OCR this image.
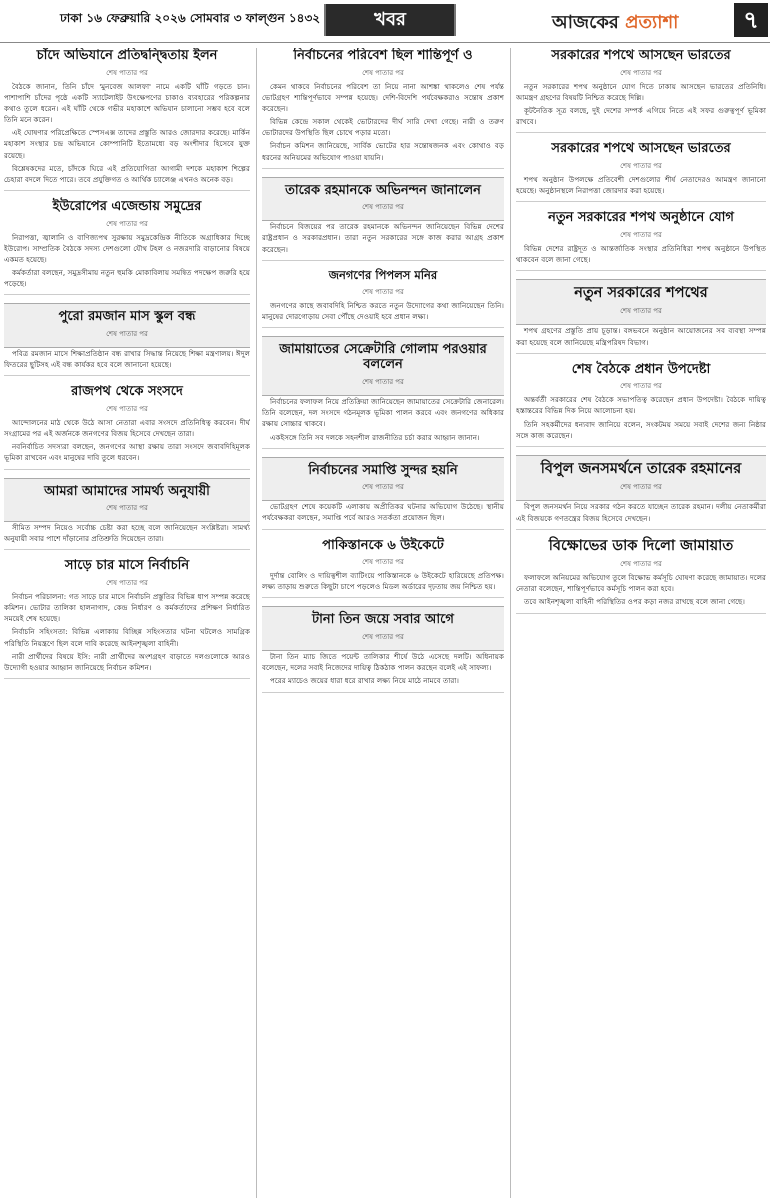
ঢাকা ১৬ ফেব্রুয়ারি ২০২৬ সোমবার ৩ ফাল্গুন ১৪৩২	খবর	আজকের প্রত্যাশা	৭
চাঁদে অভিযানে প্রতিদ্বন্দ্বিতায় ইলন
শেষ পাতার পর

বৈঠকে জানান, তিনি চাঁদে 'মুনবেজ আলফা' নামে একটি ঘাঁটি গড়তে চান। পাশাপাশি চাঁদের পৃষ্ঠে একটি স্যাটেলাইট উৎক্ষেপণের চাকাও ব্যবহারের পরিকল্পনার কথাও তুলে ধরেন। এই ঘাঁটি থেকে গভীর মহাকাশে অভিযান চালানো সম্ভব হবে বলে তিনি মনে করেন।

এই ঘোষণার পরিপ্রেক্ষিতে স্পেসএক্স তাদের প্রস্তুতি আরও জোরদার করেছে। মার্কিন মহাকাশ সংস্থার চন্দ্র অভিযানে কোম্পানিটি ইতোমধ্যে বড় অংশীদার হিসেবে যুক্ত রয়েছে।

বিশ্লেষকদের মতে, চাঁদকে ঘিরে এই প্রতিযোগিতা আগামী দশকে মহাকাশ শিল্পের চেহারা বদলে দিতে পারে। তবে প্রযুক্তিগত ও আর্থিক চ্যালেঞ্জ এখনও অনেক বড়।

ইউরোপের এজেন্ডায় সমুদ্রের
শেষ পাতার পর

নিরাপত্তা, জ্বালানি ও বাণিজ্যপথ সুরক্ষায় সমুদ্রকেন্দ্রিক নীতিকে অগ্রাধিকার দিচ্ছে ইউরোপ। সাম্প্রতিক বৈঠকে সদস্য দেশগুলো যৌথ টহল ও নজরদারি বাড়ানোর বিষয়ে একমত হয়েছে।

কর্মকর্তারা বলছেন, সমুদ্রসীমায় নতুন হুমকি মোকাবিলায় সমন্বিত পদক্ষেপ জরুরি হয়ে পড়েছে।

পুরো রমজান মাস স্কুল বন্ধ
শেষ পাতার পর

পবিত্র রমজান মাসে শিক্ষাপ্রতিষ্ঠান বন্ধ রাখার সিদ্ধান্ত নিয়েছে শিক্ষা মন্ত্রণালয়। ঈদুল ফিতরের ছুটিসহ এই বন্ধ কার্যকর হবে বলে জানানো হয়েছে।

রাজপথ থেকে সংসদে
শেষ পাতার পর

আন্দোলনের মাঠ থেকে উঠে আসা নেতারা এবার সংসদে প্রতিনিধিত্ব করবেন। দীর্ঘ সংগ্রামের পর এই অর্জনকে জনগণের বিজয় হিসেবে দেখছেন তারা।

নবনির্বাচিত সদস্যরা বলছেন, জনগণের আস্থা রক্ষায় তারা সংসদে জবাবদিহিমূলক ভূমিকা রাখবেন এবং মানুষের দাবি তুলে ধরবেন।

আমরা আমাদের সামর্থ্য অনুযায়ী
শেষ পাতার পর

সীমিত সম্পদ নিয়েও সর্বোচ্চ চেষ্টা করা হচ্ছে বলে জানিয়েছেন সংশ্লিষ্টরা। সামর্থ্য অনুযায়ী সবার পাশে দাঁড়ানোর প্রতিশ্রুতি দিয়েছেন তারা।

সাড়ে চার মাসে নির্বাচনি
শেষ পাতার পর

নির্বাচন পরিচালনা: গত সাড়ে চার মাসে নির্বাচনি প্রস্তুতির বিভিন্ন ধাপ সম্পন্ন করেছে কমিশন। ভোটার তালিকা হালনাগাদ, কেন্দ্র নির্ধারণ ও কর্মকর্তাদের প্রশিক্ষণ নির্ধারিত সময়েই শেষ হয়েছে।

নির্বাচনি সহিংসতা: বিভিন্ন এলাকায় বিচ্ছিন্ন সহিংসতার ঘটনা ঘটলেও সামগ্রিক পরিস্থিতি নিয়ন্ত্রণে ছিল বলে দাবি করেছে আইনশৃঙ্খলা বাহিনী।

নারী প্রার্থীদের বিষয়ে ইসি: নারী প্রার্থীদের অংশগ্রহণ বাড়াতে দলগুলোকে আরও উদ্যোগী হওয়ার আহ্বান জানিয়েছে নির্বাচন কমিশন।

নির্বাচনের পরিবেশ ছিল শান্তিপূর্ণ ও
শেষ পাতার পর

কেমন থাকবে নির্বাচনের পরিবেশ তা নিয়ে নানা আশঙ্কা থাকলেও শেষ পর্যন্ত ভোটগ্রহণ শান্তিপূর্ণভাবে সম্পন্ন হয়েছে। দেশি-বিদেশি পর্যবেক্ষকরাও সন্তোষ প্রকাশ করেছেন।

বিভিন্ন কেন্দ্রে সকাল থেকেই ভোটারদের দীর্ঘ সারি দেখা গেছে। নারী ও তরুণ ভোটারদের উপস্থিতি ছিল চোখে পড়ার মতো।

নির্বাচন কমিশন জানিয়েছে, সার্বিক ভোটের হার সন্তোষজনক এবং কোথাও বড় ধরনের অনিয়মের অভিযোগ পাওয়া যায়নি।

তারেক রহমানকে অভিনন্দন জানালেন
শেষ পাতার পর

নির্বাচনে বিজয়ের পর তারেক রহমানকে অভিনন্দন জানিয়েছেন বিভিন্ন দেশের রাষ্ট্রপ্রধান ও সরকারপ্রধান। তারা নতুন সরকারের সঙ্গে কাজ করার আগ্রহ প্রকাশ করেছেন।

জনগণের পিপলস মনির
শেষ পাতার পর

জনগণের কাছে জবাবদিহি নিশ্চিত করতে নতুন উদ্যোগের কথা জানিয়েছেন তিনি। মানুষের দোরগোড়ায় সেবা পৌঁছে দেওয়াই হবে প্রধান লক্ষ্য।

জামায়াতের সেক্রেটারি গোলাম পরওয়ার বললেন
শেষ পাতার পর

নির্বাচনের ফলাফল নিয়ে প্রতিক্রিয়া জানিয়েছেন জামায়াতের সেক্রেটারি জেনারেল। তিনি বলেছেন, দল সংসদে গঠনমূলক ভূমিকা পালন করবে এবং জনগণের অধিকার রক্ষায় সোচ্চার থাকবে।

একইসঙ্গে তিনি সব দলকে সহনশীল রাজনীতির চর্চা করার আহ্বান জানান।

নির্বাচনের সমাপ্তি সুন্দর হয়নি
শেষ পাতার পর

ভোটগ্রহণ শেষে কয়েকটি এলাকায় অপ্রীতিকর ঘটনার অভিযোগ উঠেছে। স্থানীয় পর্যবেক্ষকরা বলছেন, সমাপ্তি পর্বে আরও সতর্কতা প্রয়োজন ছিল।

পাকিস্তানকে ৬ উইকেটে
শেষ পাতার পর

দুর্দান্ত বোলিং ও দায়িত্বশীল ব্যাটিংয়ে পাকিস্তানকে ৬ উইকেটে হারিয়েছে প্রতিপক্ষ। লক্ষ্য তাড়ায় শুরুতে কিছুটা চাপে পড়লেও মিডল অর্ডারের দৃঢ়তায় জয় নিশ্চিত হয়।

টানা তিন জয়ে সবার আগে
শেষ পাতার পর

টানা তিন ম্যাচ জিতে পয়েন্ট তালিকার শীর্ষে উঠে এসেছে দলটি। অধিনায়ক বলেছেন, দলের সবাই নিজেদের দায়িত্ব ঠিকঠাক পালন করছেন বলেই এই সাফল্য।

পরের ম্যাচেও জয়ের ধারা ধরে রাখার লক্ষ্য নিয়ে মাঠে নামবে তারা।

সরকারের শপথে আসছেন ভারতের
শেষ পাতার পর

নতুন সরকারের শপথ অনুষ্ঠানে যোগ দিতে ঢাকায় আসছেন ভারতের প্রতিনিধি। আমন্ত্রণ গ্রহণের বিষয়টি নিশ্চিত করেছে দিল্লি।

কূটনৈতিক সূত্র বলছে, দুই দেশের সম্পর্ক এগিয়ে নিতে এই সফর গুরুত্বপূর্ণ ভূমিকা রাখবে।

সরকারের শপথে আসছেন ভারতের
শেষ পাতার পর

শপথ অনুষ্ঠান উপলক্ষে প্রতিবেশী দেশগুলোর শীর্ষ নেতাদেরও আমন্ত্রণ জানানো হয়েছে। অনুষ্ঠানস্থলে নিরাপত্তা জোরদার করা হয়েছে।

নতুন সরকারের শপথ অনুষ্ঠানে যোগ
শেষ পাতার পর

বিভিন্ন দেশের রাষ্ট্রদূত ও আন্তর্জাতিক সংস্থার প্রতিনিধিরা শপথ অনুষ্ঠানে উপস্থিত থাকবেন বলে জানা গেছে।

নতুন সরকারের শপথের
শেষ পাতার পর

শপথ গ্রহণের প্রস্তুতি প্রায় চূড়ান্ত। বঙ্গভবনে অনুষ্ঠান আয়োজনের সব ব্যবস্থা সম্পন্ন করা হয়েছে বলে জানিয়েছে মন্ত্রিপরিষদ বিভাগ।

শেষ বৈঠকে প্রধান উপদেষ্টা
শেষ পাতার পর

অন্তর্বর্তী সরকারের শেষ বৈঠকে সভাপতিত্ব করেছেন প্রধান উপদেষ্টা। বৈঠকে দায়িত্ব হস্তান্তরের বিভিন্ন দিক নিয়ে আলোচনা হয়।

তিনি সহকর্মীদের ধন্যবাদ জানিয়ে বলেন, সংকটময় সময়ে সবাই দেশের জন্য নিষ্ঠার সঙ্গে কাজ করেছেন।

বিপুল জনসমর্থনে তারেক রহমানের
শেষ পাতার পর

বিপুল জনসমর্থন নিয়ে সরকার গঠন করতে যাচ্ছেন তারেক রহমান। দলীয় নেতাকর্মীরা এই বিজয়কে গণতন্ত্রের বিজয় হিসেবে দেখছেন।

বিক্ষোভের ডাক দিলো জামায়াত
শেষ পাতার পর

ফলাফলে অনিয়মের অভিযোগ তুলে বিক্ষোভ কর্মসূচি ঘোষণা করেছে জামায়াত। দলের নেতারা বলেছেন, শান্তিপূর্ণভাবে কর্মসূচি পালন করা হবে।

তবে আইনশৃঙ্খলা বাহিনী পরিস্থিতির ওপর কড়া নজর রাখছে বলে জানা গেছে।
